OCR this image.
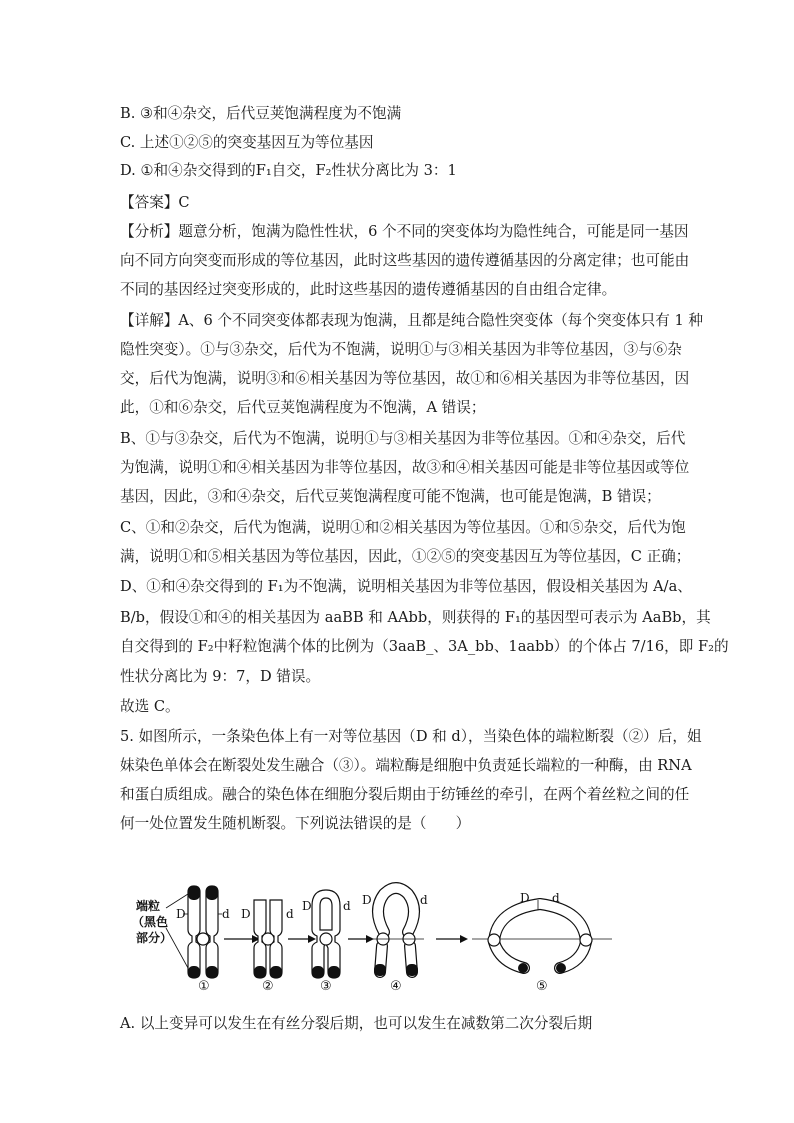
B. ③和④杂交，后代豆荚饱满程度为不饱满
C. 上述①②⑤的突变基因互为等位基因
D. ①和④杂交得到的F₁自交，F₂性状分离比为 3：1
【答案】C
【分析】题意分析，饱满为隐性性状，6 个不同的突变体均为隐性纯合，可能是同一基因
向不同方向突变而形成的等位基因，此时这些基因的遗传遵循基因的分离定律；也可能由
不同的基因经过突变形成的，此时这些基因的遗传遵循基因的自由组合定律。
【详解】A、6 个不同突变体都表现为饱满，且都是纯合隐性突变体（每个突变体只有 1 种
隐性突变）。①与③杂交，后代为不饱满，说明①与③相关基因为非等位基因，③与⑥杂
交，后代为饱满，说明③和⑥相关基因为等位基因，故①和⑥相关基因为非等位基因，因
此，①和⑥杂交，后代豆荚饱满程度为不饱满，A 错误；
B、①与③杂交，后代为不饱满，说明①与③相关基因为非等位基因。①和④杂交，后代
为饱满，说明①和④相关基因为非等位基因，故③和④相关基因可能是非等位基因或等位
基因，因此，③和④杂交，后代豆荚饱满程度可能不饱满，也可能是饱满，B 错误；
C、①和②杂交，后代为饱满，说明①和②相关基因为等位基因。①和⑤杂交，后代为饱
满，说明①和⑤相关基因为等位基因，因此，①②⑤的突变基因互为等位基因，C 正确；
D、①和④杂交得到的 F₁为不饱满，说明相关基因为非等位基因，假设相关基因为 A/a、
B/b，假设①和④的相关基因为 aaBB 和 AAbb，则获得的 F₁的基因型可表示为 AaBb，其
自交得到的 F₂中籽粒饱满个体的比例为（3aaB_、3A_bb、1aabb）的个体占 7/16，即 F₂的
性状分离比为 9：7，D 错误。
故选 C。
5. 如图所示，一条染色体上有一对等位基因（D 和 d），当染色体的端粒断裂（②）后，姐
妹染色单体会在断裂处发生融合（③）。端粒酶是细胞中负责延长端粒的一种酶，由 RNA
和蛋白质组成。融合的染色体在细胞分裂后期由于纺锤丝的牵引，在两个着丝粒之间的任
何一处位置发生随机断裂。下列说法错误的是（　　）
A. 以上变异可以发生在有丝分裂后期，也可以发生在减数第二次分裂后期
端粒
（黑色
部分）
D	d
①
D	d
②
D	d
③
D	d
④
D d
⑤
